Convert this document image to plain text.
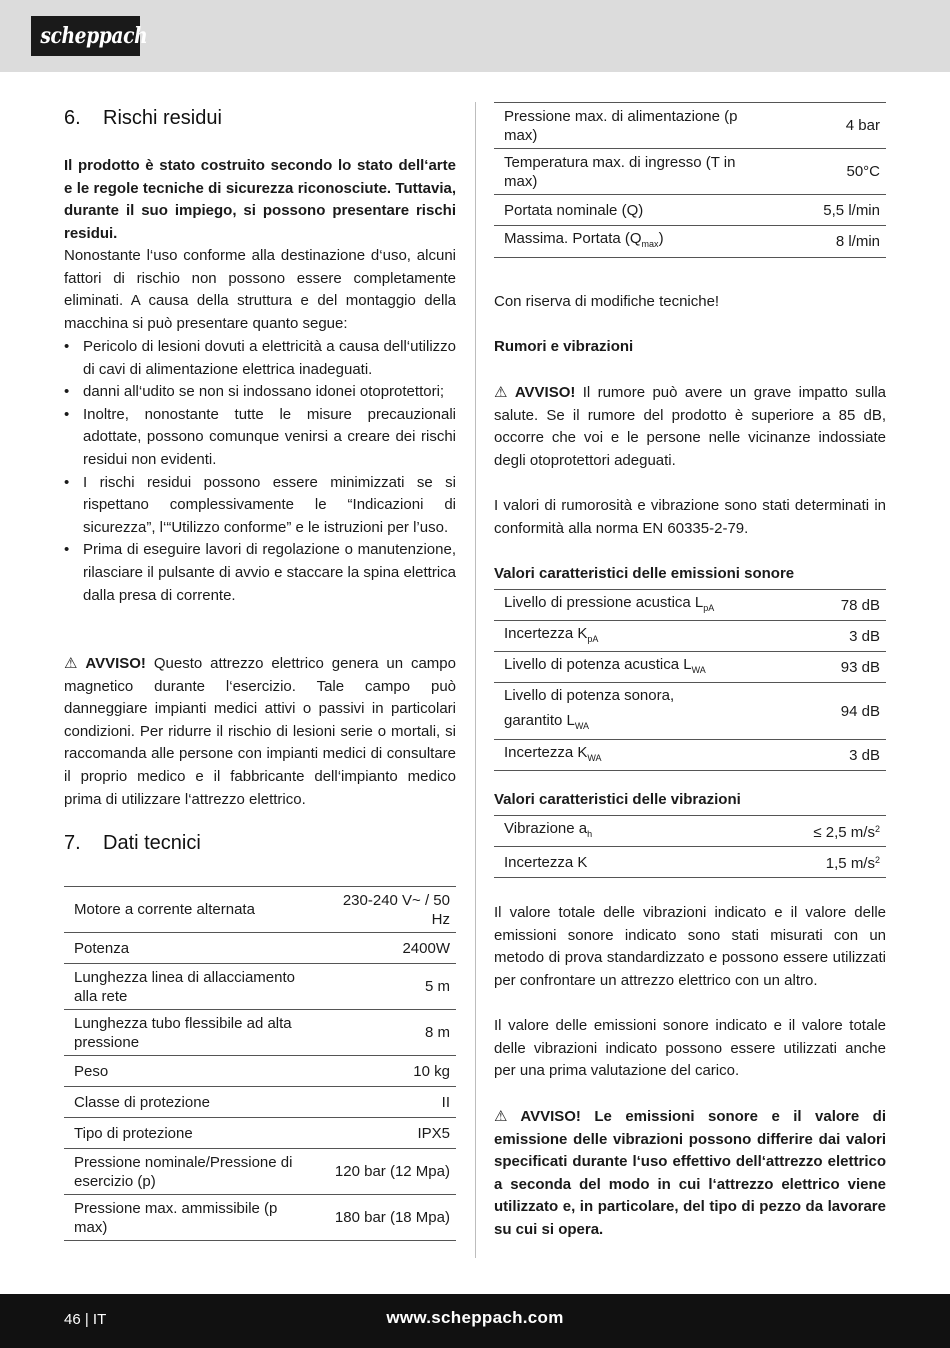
scheppach
6. Rischi residui
Il prodotto è stato costruito secondo lo stato dell‘arte e le regole tecniche di sicurezza riconosciute. Tuttavia, durante il suo impiego, si possono presentare rischi residui.
Nonostante l‘uso conforme alla destinazione d‘uso, alcuni fattori di rischio non possono essere completamente eliminati. A causa della struttura e del montaggio della macchina si può presentare quanto segue:
• Pericolo di lesioni dovuti a elettricità a causa dell‘utilizzo di cavi di alimentazione elettrica inadeguati.
• danni all‘udito se non si indossano idonei otoprotettori;
• Inoltre, nonostante tutte le misure precauzionali adottate, possono comunque venirsi a creare dei rischi residui non evidenti.
• I rischi residui possono essere minimizzati se si rispettano complessivamente le “Indicazioni di sicurezza”, l‘“Utilizzo conforme” e le istruzioni per l’uso.
• Prima di eseguire lavori di regolazione o manutenzione, rilasciare il pulsante di avvio e staccare la spina elettrica dalla presa di corrente.
⚠ AVVISO! Questo attrezzo elettrico genera un campo magnetico durante l‘esercizio. Tale campo può danneggiare impianti medici attivi o passivi in particolari condizioni. Per ridurre il rischio di lesioni serie o mortali, si raccomanda alle persone con impianti medici di consultare il proprio medico e il fabbricante dell‘impianto medico prima di utilizzare l‘attrezzo elettrico.
7. Dati tecnici
Motore a corrente alternata	230-240 V~ / 50 Hz
Potenza	2400W
Lunghezza linea di allacciamento alla rete	5 m
Lunghezza tubo flessibile ad alta pressione	8 m
Peso	10 kg
Classe di protezione	II
Tipo di protezione	IPX5
Pressione nominale/Pressione di esercizio (p)	120 bar (12 Mpa)
Pressione max. ammissibile (p max)	180 bar (18 Mpa)
Pressione max. di alimentazione (p max)	4 bar
Temperatura max. di ingresso (T in max)	50°C
Portata nominale (Q)	5,5 l/min
Massima. Portata $(Q_{max})$	8 l/min
Con riserva di modifiche tecniche!
Rumori e vibrazioni
⚠ AVVISO! Il rumore può avere un grave impatto sulla salute. Se il rumore del prodotto è superiore a 85 dB, occorre che voi e le persone nelle vicinanze indossiate degli otoprotettori adeguati.
I valori di rumorosità e vibrazione sono stati determinati in conformità alla norma EN 60335-2-79.
Valori caratteristici delle emissioni sonore
Livello di pressione acustica $L_{pA}$	78 dB
Incertezza $K_{pA}$	3 dB
Livello di potenza acustica $L_{WA}$	93 dB
Livello di potenza sonora,
garantito $L_{WA}$	94 dB
Incertezza $K_{WA}$	3 dB
Valori caratteristici delle vibrazioni
Vibrazione $a_h$	≤ 2,5 $m/s^2$
Incertezza K	1,5 $m/s^2$
Il valore totale delle vibrazioni indicato e il valore delle emissioni sonore indicato sono stati misurati con un metodo di prova standardizzato e possono essere utilizzati per confrontare un attrezzo elettrico con un altro.
Il valore delle emissioni sonore indicato e il valore totale delle vibrazioni indicato possono essere utilizzati anche per una prima valutazione del carico.
⚠ AVVISO! Le emissioni sonore e il valore di emissione delle vibrazioni possono differire dai valori specificati durante l‘uso effettivo dell‘attrezzo elettrico a seconda del modo in cui l‘attrezzo elettrico viene utilizzato e, in particolare, del tipo di pezzo da lavorare su cui si opera.
46 | IT	www.scheppach.com
